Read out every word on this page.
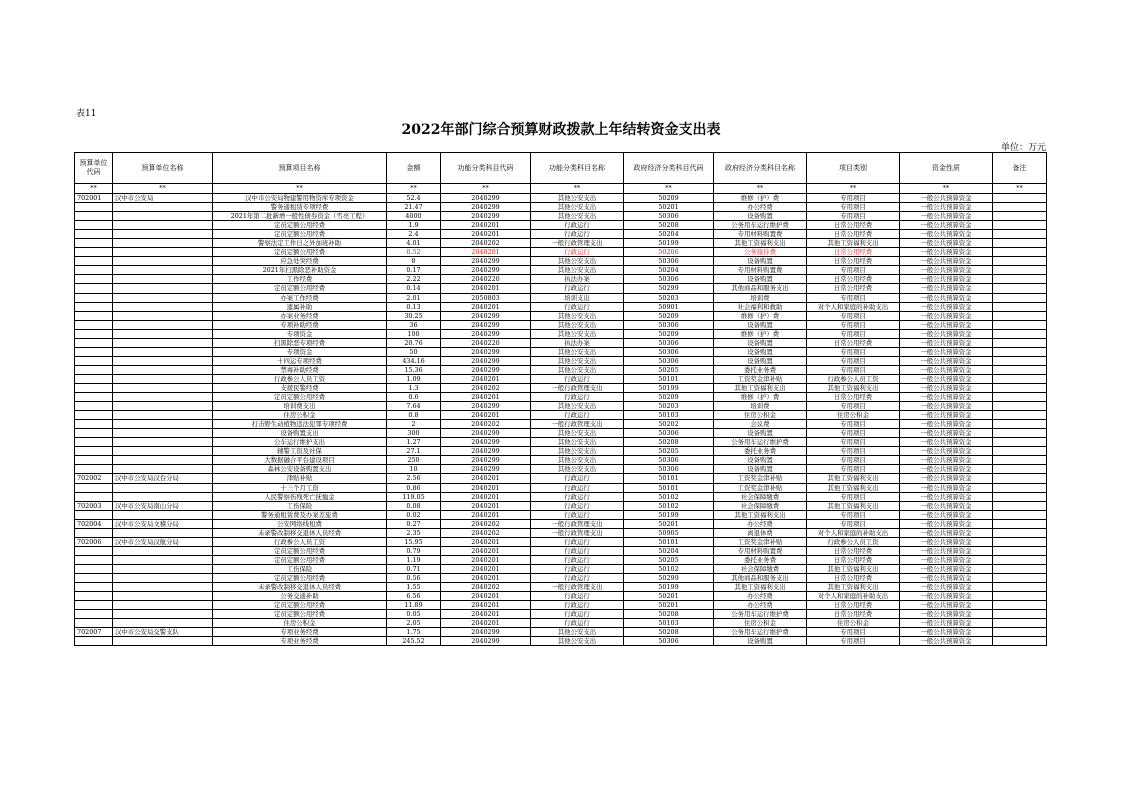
表11
2022年部门综合预算财政拨款上年结转资金支出表
单位：万元
预算单位代码	预算单位名称	预算项目名称	金额	功能分类科目代码	功能分类科目名称	政府经济分类科目代码	政府经济分类科目名称	项目类别	资金性质	备注
**	**	**	**	**	**	**	**	**	**	**
702001	汉中市公安局	汉中市公安局物建警用物资库专项资金	52.4	2040299	其他公安支出	50209	维修（护）费	专用项目	一般公共预算资金	
		警务通租赁专项经费	21.47	2040299	其他公安支出	50201	办公经费	专用项目	一般公共预算资金	
		2021年第二批新增一般性债券资金（雪亮工程）	4000	2040299	其他公安支出	50306	设备购置	专用项目	一般公共预算资金	
		定员定额公用经费	1.9	2040201	行政运行	50208	公务用车运行维护费	日常公用经费	一般公共预算资金	
		定员定额公用经费	2.4	2040201	行政运行	50204	专用材料购置费	日常公用经费	一般公共预算资金	
		警察法定工作日之外加班补助	4.01	2040202	一般行政管理支出	50199	其他工资福利支出	其他工资福利支出	一般公共预算资金	
		定员定额公用经费	0.52	2040201	行政运行	50206	公务接待费	日常公用经费	一般公共预算资金	
		应急处突经费	8	2040299	其他公安支出	50306	设备购置	日常公用经费	一般公共预算资金	
		2021年扫黑除恶补助资金	0.17	2040299	其他公安支出	50204	专用材料购置费	专用项目	一般公共预算资金	
		工作经费	2.22	2040220	执法办案	50306	设备购置	日常公用经费	一般公共预算资金	
		定员定额公用经费	0.14	2040201	行政运行	50299	其他商品和服务支出	日常公用经费	一般公共预算资金	
		办案工作经费	2.01	2050803	培训支出	50203	培训费	专用项目	一般公共预算资金	
		遗属补助	0.13	2040201	行政运行	50901	社会福利和救助	对个人和家庭的补助支出	一般公共预算资金	
		办案业务经费	30.25	2040299	其他公安支出	50209	维修（护）费	专用项目	一般公共预算资金	
		专项补助经费	36	2040299	其他公安支出	50306	设备购置	专用项目	一般公共预算资金	
		专项资金	100	2040299	其他公安支出	50209	维修（护）费	专用项目	一般公共预算资金	
		扫黑除恶专项经费	20.76	2040220	执法办案	50306	设备购置	日常公用经费	一般公共预算资金	
		专项资金	50	2040299	其他公安支出	50306	设备购置	专用项目	一般公共预算资金	
		十四运专项经费	434.16	2040299	其他公安支出	50306	设备购置	专用项目	一般公共预算资金	
		禁毒补助经费	15.36	2040299	其他公安支出	50205	委托业务费	专用项目	一般公共预算资金	
		行政参公人员工资	1.09	2040201	行政运行	50101	工资奖金津补贴	行政参公人员工资	一般公共预算资金	
		支援民警经费	1.3	2040202	一般行政管理支出	50199	其他工资福利支出	其他工资福利支出	一般公共预算资金	
		定员定额公用经费	0.6	2040201	行政运行	50209	维修（护）费	日常公用经费	一般公共预算资金	
		培训费支出	7.64	2040299	其他公安支出	50203	培训费	专用项目	一般公共预算资金	
		住房公积金	0.8	2040201	行政运行	50103	住房公积金	住房公积金	一般公共预算资金	
		打击野生动植物违法犯罪专项经费	2	2040202	一般行政管理支出	50202	会议费	专用项目	一般公共预算资金	
		设备购置支出	300	2040299	其他公安支出	50306	设备购置	专用项目	一般公共预算资金	
		公车运行维护支出	1.27	2040299	其他公安支出	50208	公务用车运行维护费	专用项目	一般公共预算资金	
		辅警工资及社保	27.1	2040299	其他公安支出	50205	委托业务费	专用项目	一般公共预算资金	
		大数据融合平台建设项目	250	2040299	其他公安支出	50306	设备购置	专用项目	一般公共预算资金	
		森林公安设备购置支出	10	2040299	其他公安支出	50306	设备购置	专用项目	一般公共预算资金	
702002	汉中市公安局汉台分局	津贴补贴	2.56	2040201	行政运行	50101	工资奖金津补贴	其他工资福利支出	一般公共预算资金	
		十三个月工资	0.86	2040201	行政运行	50101	工资奖金津补贴	其他工资福利支出	一般公共预算资金	
		人民警察伤残死亡抚恤金	119.05	2040201	行政运行	50102	社会保障缴费	专用项目	一般公共预算资金	
702003	汉中市公安局南山分局	工伤保险	0.08	2040201	行政运行	50102	社会保障缴费	其他工资福利支出	一般公共预算资金	
		警务通租赁费及办案差旅费	0.02	2040201	行政运行	50199	其他工资福利支出	专用项目	一般公共预算资金	
702004	汉中市公安局文稽分局	公安网络线租费	0.27	2040202	一般行政管理支出	50201	办公经费	专用项目	一般公共预算资金	
		未录警改制移交退休人员经费	2.35	2040202	一般行政管理支出	50905	离退休费	对个人和家庭的补助支出	一般公共预算资金	
702006	汉中市公安局汉航分局	行政参公人员工资	15.95	2040201	行政运行	50101	工资奖金津补贴	行政参公人员工资	一般公共预算资金	
		定员定额公用经费	0.79	2040201	行政运行	50204	专用材料购置费	日常公用经费	一般公共预算资金	
		定员定额公用经费	1.19	2040201	行政运行	50205	委托业务费	日常公用经费	一般公共预算资金	
		工伤保险	0.71	2040201	行政运行	50102	社会保障缴费	其他工资福利支出	一般公共预算资金	
		定员定额公用经费	0.56	2040201	行政运行	50299	其他商品和服务支出	日常公用经费	一般公共预算资金	
		未录警改制移交退休人员经费	1.55	2040202	一般行政管理支出	50199	其他工资福利支出	其他工资福利支出	一般公共预算资金	
		公务交通补助	6.56	2040201	行政运行	50201	办公经费	对个人和家庭的补助支出	一般公共预算资金	
		定员定额公用经费	11.89	2040201	行政运行	50201	办公经费	日常公用经费	一般公共预算资金	
		定员定额公用经费	0.05	2040201	行政运行	50208	公务用车运行维护费	日常公用经费	一般公共预算资金	
		住房公积金	2.05	2040201	行政运行	50103	住房公积金	住房公积金	一般公共预算资金	
702007	汉中市公安局交警支队	专项业务经费	1.75	2040299	其他公安支出	50208	公务用车运行维护费	专用项目	一般公共预算资金	
		专项业务经费	245.52	2040299	其他公安支出	50306	设备购置	专用项目	一般公共预算资金	
